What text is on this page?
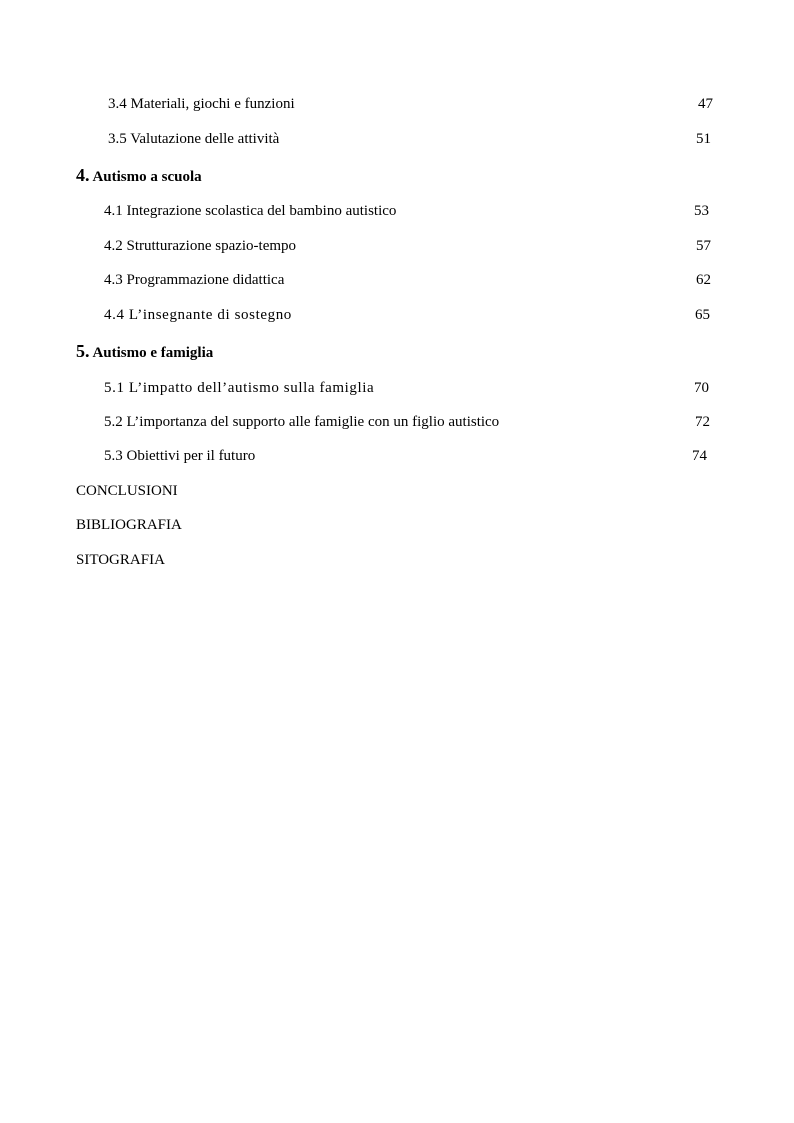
3.4 Materiali, giochi e funzioni	47
3.5 Valutazione delle attività	51
4. Autismo a scuola
4.1 Integrazione scolastica del bambino autistico	53
4.2 Strutturazione spazio-tempo	57
4.3 Programmazione didattica	62
4.4 L’insegnante di sostegno	65
5. Autismo e famiglia
5.1 L’impatto dell’autismo sulla famiglia	70
5.2 L’importanza del supporto alle famiglie con un figlio autistico	72
5.3 Obiettivi per il futuro	74
CONCLUSIONI
BIBLIOGRAFIA
SITOGRAFIA
